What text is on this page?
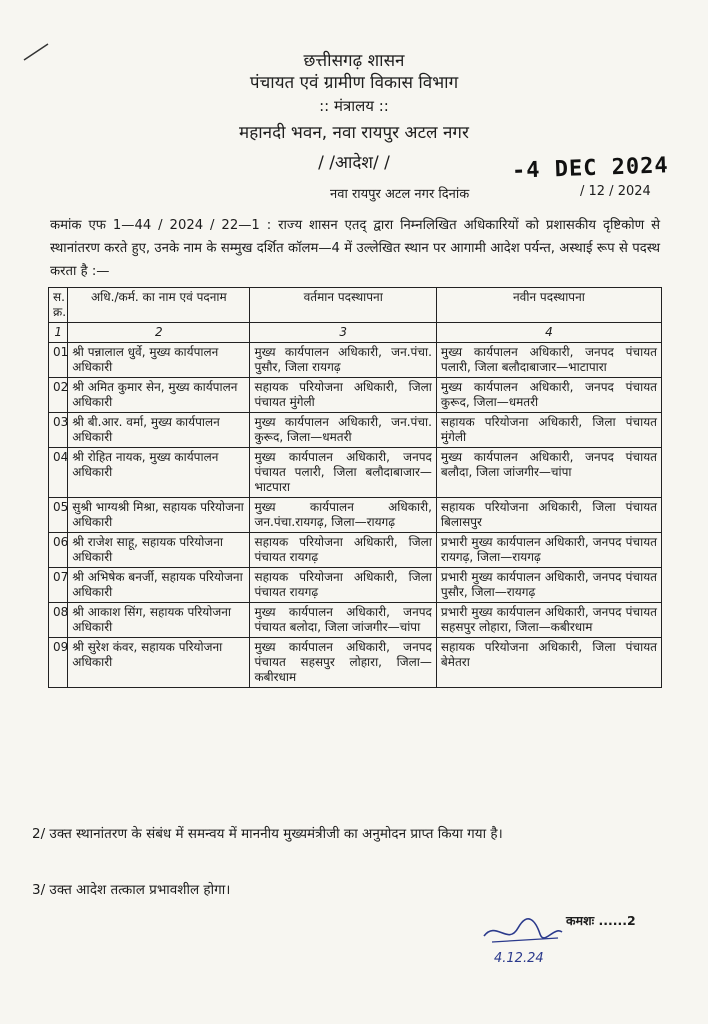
छत्तीसगढ़ शासन
पंचायत एवं ग्रामीण विकास विभाग
:: मंत्रालय ::
महानदी भवन, नवा रायपुर अटल नगर
/ /आदेश/ /	-4 DEC 2024
नवा रायपुर अटल नगर दिनांक	/ 12 / 2024
कमांक एफ 1—44 / 2024 / 22—1 : राज्य शासन एतद् द्वारा निम्नलिखित अधिकारियों को प्रशासकीय दृष्टिकोण से स्थानांतरण करते हुए, उनके नाम के सम्मुख दर्शित कॉलम—4 में उल्लेखित स्थान पर आगामी आदेश पर्यन्त, अस्थाई रूप से पदस्थ करता है :—
स. क्र.	अधि./कर्म. का नाम एवं पदनाम	वर्तमान पदस्थापना	नवीन पदस्थापना
1	2	3	4
01	श्री पन्नालाल धुर्वे, मुख्य कार्यपालन अधिकारी	मुख्य कार्यपालन अधिकारी, जन.पंचा. पुसौर, जिला रायगढ़	मुख्य कार्यपालन अधिकारी, जनपद पंचायत पलारी, जिला बलौदाबाजार—भाटापारा
02	श्री अमित कुमार सेन, मुख्य कार्यपालन अधिकारी	सहायक परियोजना अधिकारी, जिला पंचायत मुंगेली	मुख्य कार्यपालन अधिकारी, जनपद पंचायत कुरूद, जिला—धमतरी
03	श्री बी.आर. वर्मा, मुख्य कार्यपालन अधिकारी	मुख्य कार्यपालन अधिकारी, जन.पंचा. कुरूद, जिला—धमतरी	सहायक परियोजना अधिकारी, जिला पंचायत मुंगेली
04	श्री रोहित नायक, मुख्य कार्यपालन अधिकारी	मुख्य कार्यपालन अधिकारी, जनपद पंचायत पलारी, जिला बलौदाबाजार—भाटपारा	मुख्य कार्यपालन अधिकारी, जनपद पंचायत बलौदा, जिला जांजगीर—चांपा
05	सुश्री भाग्यश्री मिश्रा, सहायक परियोजना अधिकारी	मुख्य कार्यपालन अधिकारी, जन.पंचा.रायगढ़, जिला—रायगढ़	सहायक परियोजना अधिकारी, जिला पंचायत बिलासपुर
06	श्री राजेश साहू, सहायक परियोजना अधिकारी	सहायक परियोजना अधिकारी, जिला पंचायत रायगढ़	प्रभारी मुख्य कार्यपालन अधिकारी, जनपद पंचायत रायगढ़, जिला—रायगढ़
07	श्री अभिषेक बनर्जी, सहायक परियोजना अधिकारी	सहायक परियोजना अधिकारी, जिला पंचायत रायगढ़	प्रभारी मुख्य कार्यपालन अधिकारी, जनपद पंचायत पुसौर, जिला—रायगढ़
08	श्री आकाश सिंग, सहायक परियोजना अधिकारी	मुख्य कार्यपालन अधिकारी, जनपद पंचायत बलोदा, जिला जांजगीर—चांपा	प्रभारी मुख्य कार्यपालन अधिकारी, जनपद पंचायत सहसपुर लोहारा, जिला—कबीरधाम
09	श्री सुरेश कंवर, सहायक परियोजना अधिकारी	मुख्य कार्यपालन अधिकारी, जनपद पंचायत सहसपुर लोहारा, जिला—कबीरधाम	सहायक परियोजना अधिकारी, जिला पंचायत बेमेतरा
2/ उक्त स्थानांतरण के संबंध में समन्वय में माननीय मुख्यमंत्रीजी का अनुमोदन प्राप्त किया गया है।
3/ उक्त आदेश तत्काल प्रभावशील होगा।
4.12.24
कमशः ......2
